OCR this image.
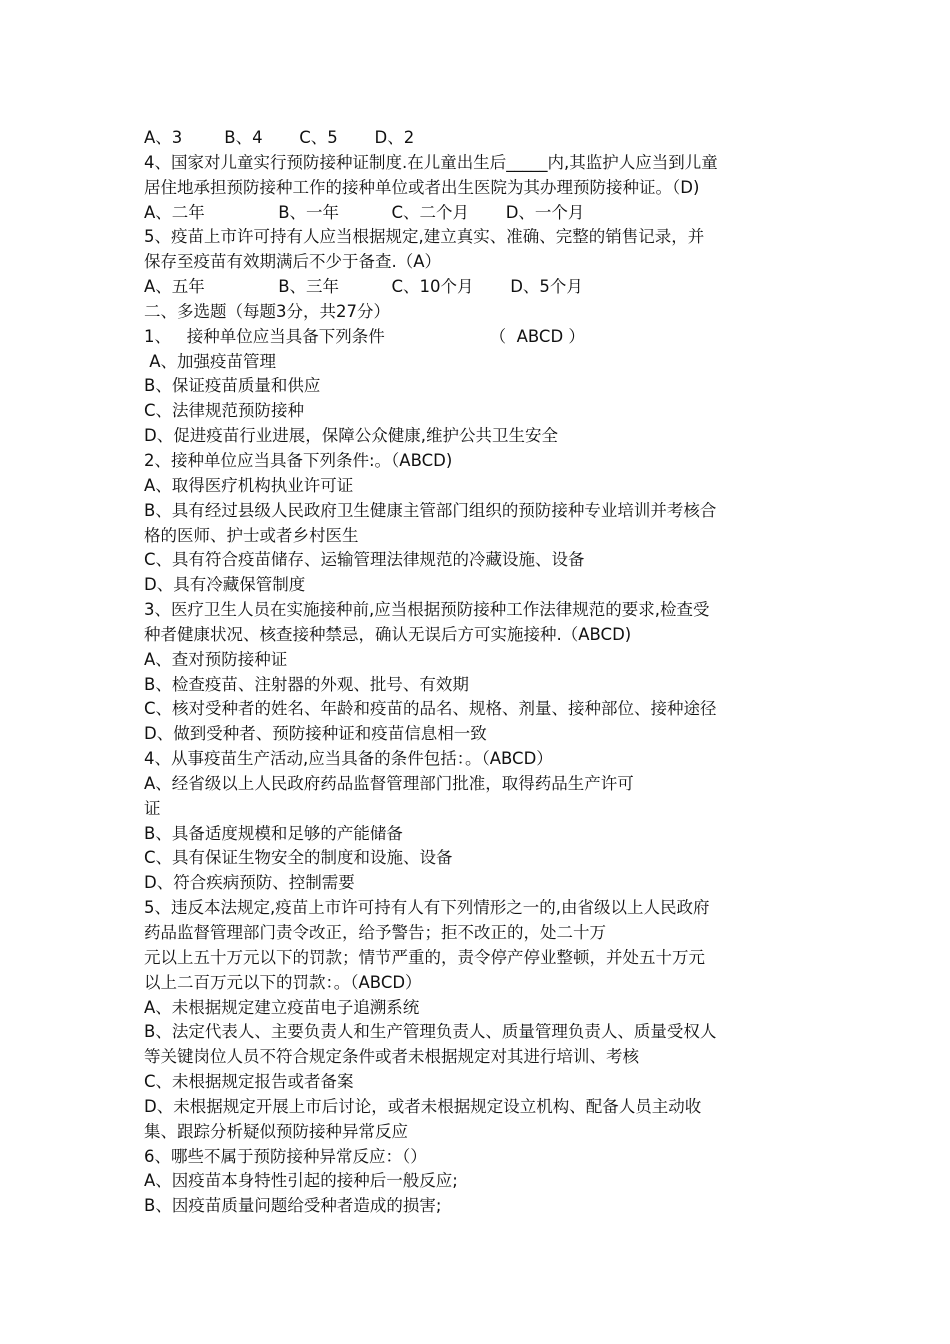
A、3        B、4       C、5       D、2
4、国家对儿童实行预防接种证制度.在儿童出生后_____内,其监护人应当到儿童
居住地承担预防接种工作的接种单位或者出生医院为其办理预防接种证。（D)
A、二年              B、一年          C、二个月       D、一个月
5、疫苗上市许可持有人应当根据规定,建立真实、准确、完整的销售记录，并
保存至疫苗有效期满后不少于备查.（A）
A、五年              B、三年          C、10个月       D、5个月
二、多选题（每题3分，共27分）
1、   接种单位应当具备下列条件                    （  ABCD ）
A、加强疫苗管理
B、保证疫苗质量和供应
C、法律规范预防接种
D、促进疫苗行业进展，保障公众健康,维护公共卫生安全
2、接种单位应当具备下列条件:。（ABCD)
A、取得医疗机构执业许可证
B、具有经过县级人民政府卫生健康主管部门组织的预防接种专业培训并考核合
格的医师、护士或者乡村医生
C、具有符合疫苗储存、运输管理法律规范的冷藏设施、设备
D、具有冷藏保管制度
3、医疗卫生人员在实施接种前,应当根据预防接种工作法律规范的要求,检查受
种者健康状况、核查接种禁忌，确认无误后方可实施接种.（ABCD)
A、查对预防接种证
B、检查疫苗、注射器的外观、批号、有效期
C、核对受种者的姓名、年龄和疫苗的品名、规格、剂量、接种部位、接种途径
D、做到受种者、预防接种证和疫苗信息相一致
4、从事疫苗生产活动,应当具备的条件包括：。（ABCD）
A、经省级以上人民政府药品监督管理部门批准，取得药品生产许可
证
B、具备适度规模和足够的产能储备
C、具有保证生物安全的制度和设施、设备
D、符合疾病预防、控制需要
5、违反本法规定,疫苗上市许可持有人有下列情形之一的,由省级以上人民政府
药品监督管理部门责令改正，给予警告；拒不改正的，处二十万
元以上五十万元以下的罚款；情节严重的，责令停产停业整顿，并处五十万元
以上二百万元以下的罚款：。（ABCD）
A、未根据规定建立疫苗电子追溯系统
B、法定代表人、主要负责人和生产管理负责人、质量管理负责人、质量受权人
等关键岗位人员不符合规定条件或者未根据规定对其进行培训、考核
C、未根据规定报告或者备案
D、未根据规定开展上市后讨论，或者未根据规定设立机构、配备人员主动收
集、跟踪分析疑似预防接种异常反应
6、哪些不属于预防接种异常反应：（）
A、因疫苗本身特性引起的接种后一般反应;
B、因疫苗质量问题给受种者造成的损害;
